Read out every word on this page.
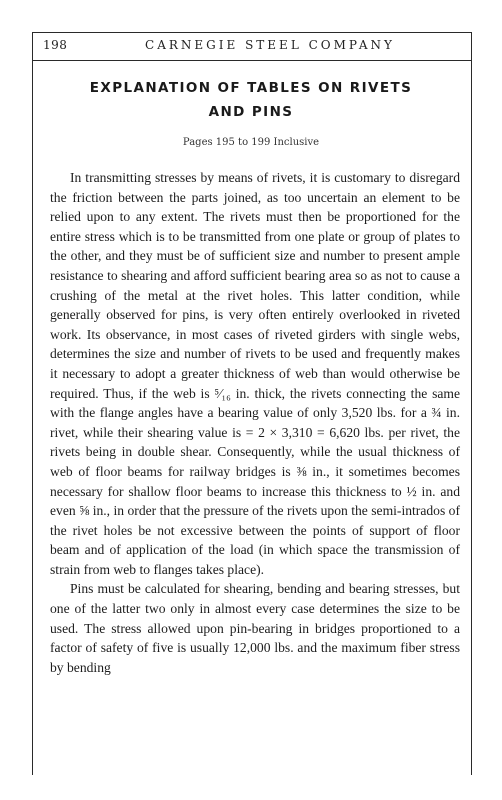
198	CARNEGIE STEEL COMPANY
EXPLANATION OF TABLES ON RIVETS
AND PINS
Pages 195 to 199 Inclusive

In transmitting stresses by means of rivets, it is customary to disregard the friction between the parts joined, as too uncertain an element to be relied upon to any extent. The rivets must then be proportioned for the entire stress which is to be transmitted from one plate or group of plates to the other, and they must be of sufficient size and number to present ample resistance to shearing and afford sufficient bearing area so as not to cause a crushing of the metal at the rivet holes. This latter condition, while generally observed for pins, is very often entirely overlooked in riveted work. Its observance, in most cases of riveted girders with single webs, determines the size and number of rivets to be used and frequently makes it necessary to adopt a greater thickness of web than would otherwise be required. Thus, if the web is ⁵⁄₁₆ in. thick, the rivets connecting the same with the flange angles have a bearing value of only 3,520 lbs. for a ¾ in. rivet, while their shearing value is = 2 × 3,310 = 6,620 lbs. per rivet, the rivets being in double shear. Consequently, while the usual thickness of web of floor beams for railway bridges is ⅜ in., it sometimes becomes necessary for shallow floor beams to increase this thickness to ½ in. and even ⅝ in., in order that the pressure of the rivets upon the semi-intrados of the rivet holes be not excessive between the points of support of floor beam and of application of the load (in which space the transmission of strain from web to flanges takes place).

Pins must be calculated for shearing, bending and bearing stresses, but one of the latter two only in almost every case determines the size to be used. The stress allowed upon pin-bearing in bridges proportioned to a factor of safety of five is usually 12,000 lbs. and the maximum fiber stress by bending
